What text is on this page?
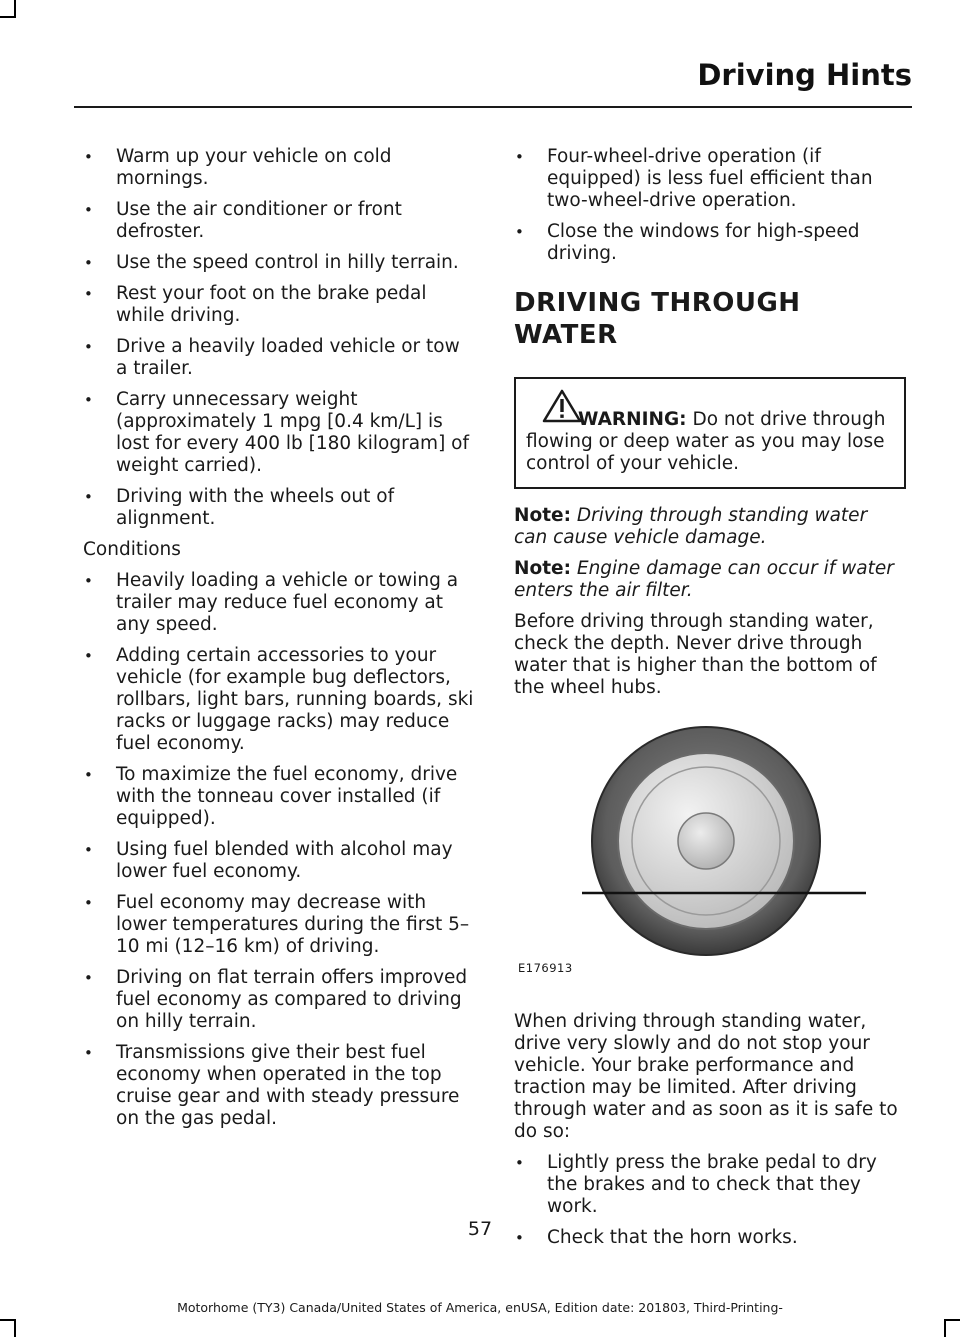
Driving Hints
• Warm up your vehicle on cold mornings.
• Use the air conditioner or front defroster.
• Use the speed control in hilly terrain.
• Rest your foot on the brake pedal while driving.
• Drive a heavily loaded vehicle or tow a trailer.
• Carry unnecessary weight (approximately 1 mpg [0.4 km/L] is lost for every 400 lb [180 kilogram] of weight carried).
• Driving with the wheels out of alignment.

Conditions

• Heavily loading a vehicle or towing a trailer may reduce fuel economy at any speed.
• Adding certain accessories to your vehicle (for example bug deflectors, rollbars, light bars, running boards, ski racks or luggage racks) may reduce fuel economy.
• To maximize the fuel economy, drive with the tonneau cover installed (if equipped).
• Using fuel blended with alcohol may lower fuel economy.
• Fuel economy may decrease with lower temperatures during the first 5–10 mi (12–16 km) of driving.
• Driving on flat terrain offers improved fuel economy as compared to driving on hilly terrain.
• Transmissions give their best fuel economy when operated in the top cruise gear and with steady pressure on the gas pedal.
• Four-wheel-drive operation (if equipped) is less fuel efficient than two-wheel-drive operation.
• Close the windows for high-speed driving.
DRIVING THROUGH WATER
WARNING: Do not drive through
flowing or deep water as you may lose control of your vehicle.

Note: Driving through standing water can cause vehicle damage.

Note: Engine damage can occur if water enters the air filter.

Before driving through standing water, check the depth. Never drive through water that is higher than the bottom of the wheel hubs.

E176913

When driving through standing water, drive very slowly and do not stop your vehicle. Your brake performance and traction may be limited. After driving through water and as soon as it is safe to do so:

• Lightly press the brake pedal to dry the brakes and to check that they work.
• Check that the horn works.
57
Motorhome (TY3) Canada/United States of America, enUSA, Edition date: 201803, Third-Printing-
